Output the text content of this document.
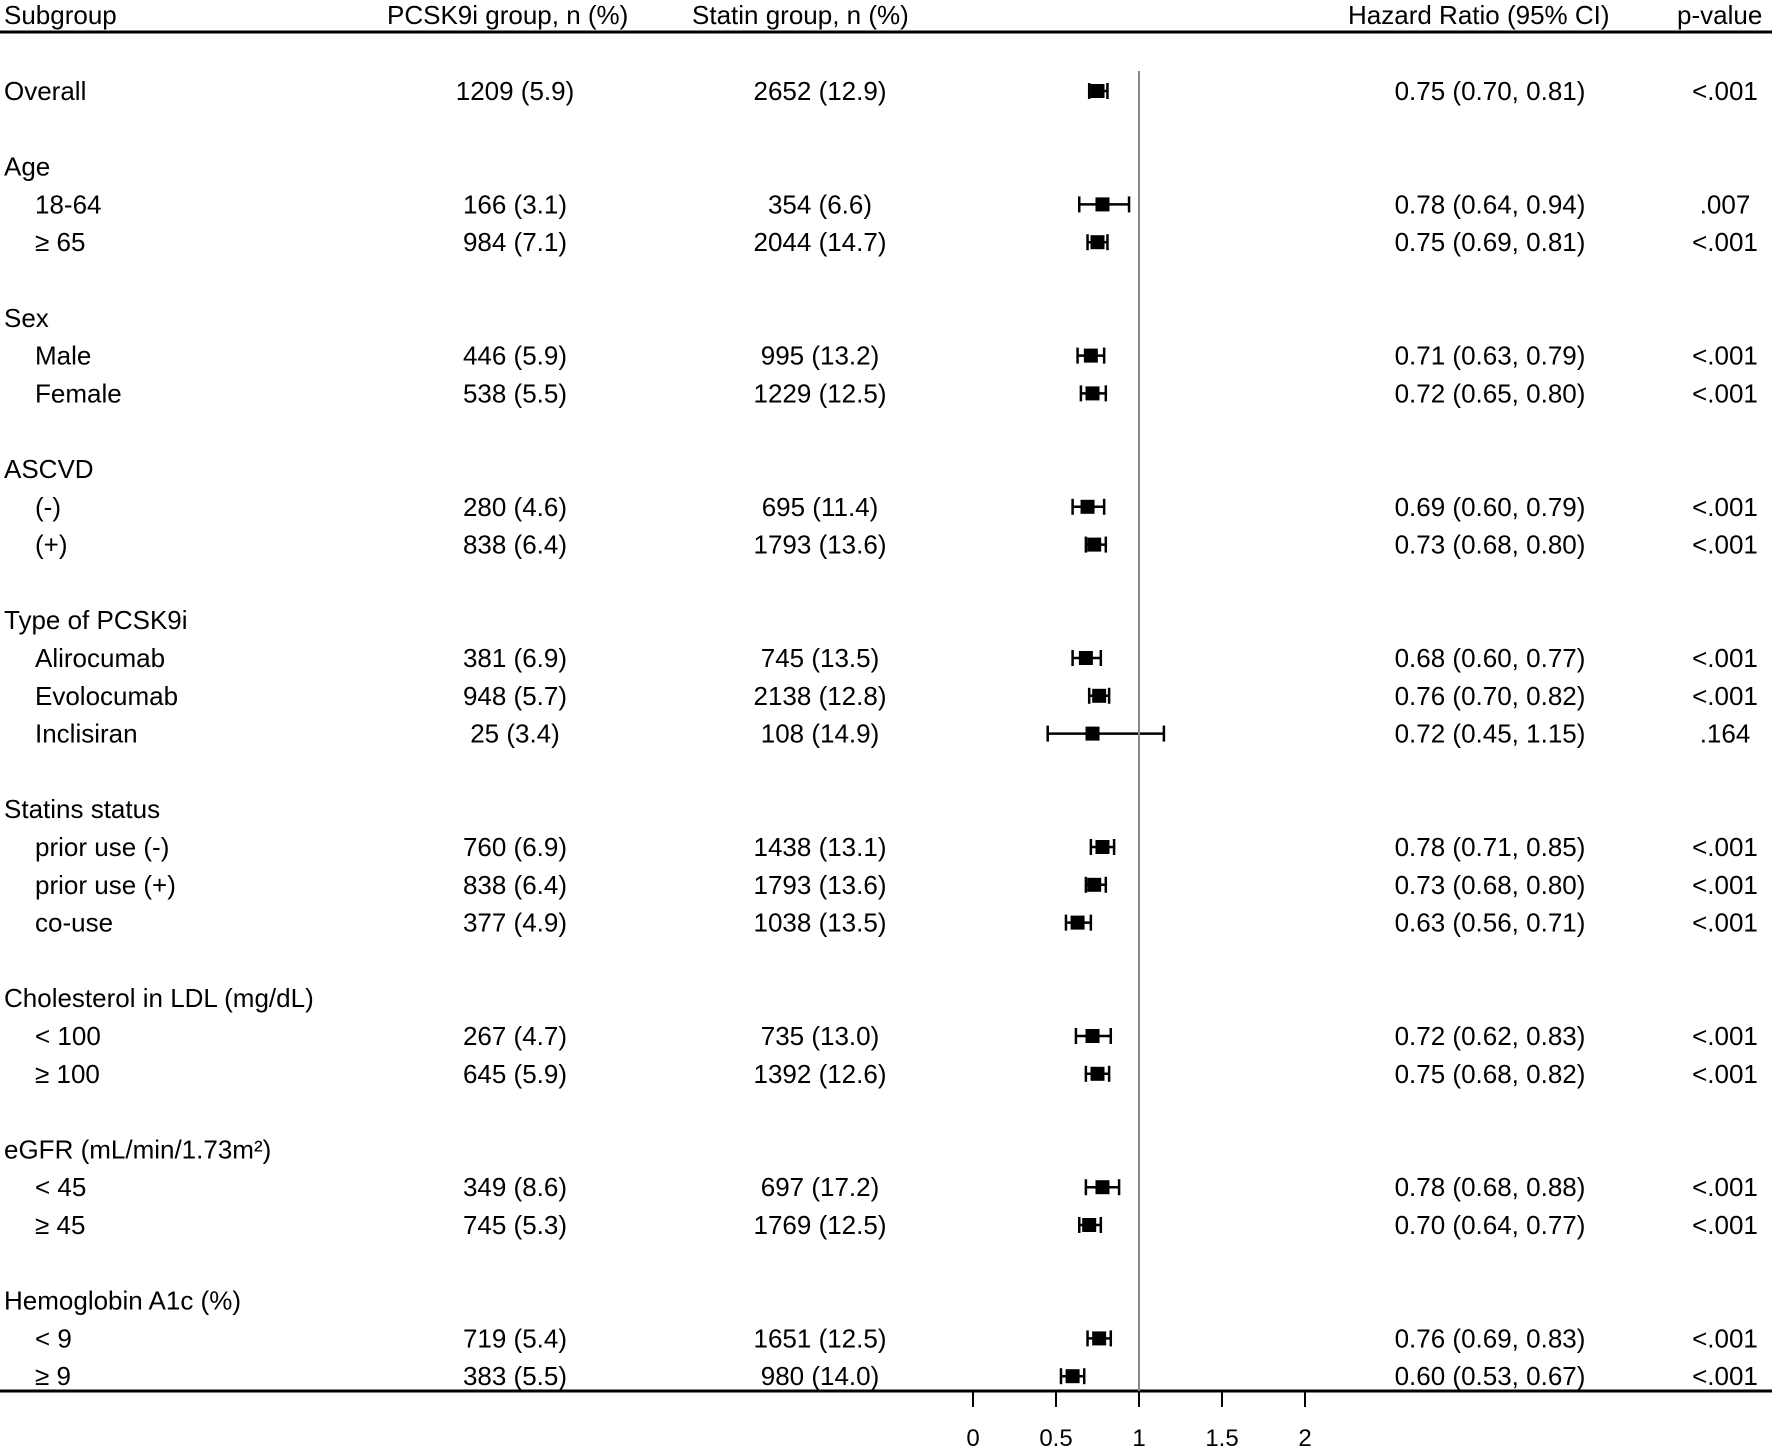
Subgroup	PCSK9i group, n (%) Statin group, n (%)	Hazard Ratio (95% CI)	p-value
Overall	1209 (5.9)	2652 (12.9)	0.75 (0.70, 0.81)	<.001
Age
18-64	166 (3.1)	354 (6.6)	0.78 (0.64, 0.94)	.007
≥ 65	984 (7.1)	2044 (14.7)	0.75 (0.69, 0.81)	<.001
Sex
Male	446 (5.9)	995 (13.2)	0.71 (0.63, 0.79)	<.001
Female	538 (5.5)	1229 (12.5)	0.72 (0.65, 0.80)	<.001
ASCVD
(-)	280 (4.6)	695 (11.4)	0.69 (0.60, 0.79)	<.001
(+)	838 (6.4)	1793 (13.6)	0.73 (0.68, 0.80)	<.001
Type of PCSK9i
Alirocumab	381 (6.9)	745 (13.5)	0.68 (0.60, 0.77)	<.001
Evolocumab	948 (5.7)	2138 (12.8)	0.76 (0.70, 0.82)	<.001
Inclisiran	25 (3.4)	108 (14.9)	0.72 (0.45, 1.15)	.164
Statins status
prior use (-)	760 (6.9)	1438 (13.1)	0.78 (0.71, 0.85)	<.001
prior use (+)	838 (6.4)	1793 (13.6)	0.73 (0.68, 0.80)	<.001
co-use	377 (4.9)	1038 (13.5)	0.63 (0.56, 0.71)	<.001
Cholesterol in LDL (mg/dL)
< 100	267 (4.7)	735 (13.0)	0.72 (0.62, 0.83)	<.001
≥ 100	645 (5.9)	1392 (12.6)	0.75 (0.68, 0.82)	<.001
eGFR (mL/min/1.73m²)
< 45	349 (8.6)	697 (17.2)	0.78 (0.68, 0.88)	<.001
≥ 45	745 (5.3)	1769 (12.5)	0.70 (0.64, 0.77)	<.001
Hemoglobin A1c (%)
< 9	719 (5.4)	1651 (12.5)	0.76 (0.69, 0.83)	<.001
≥ 9	383 (5.5)	980 (14.0)	0.60 (0.53, 0.67)	<.001
0 0.5 1 1.5 2
